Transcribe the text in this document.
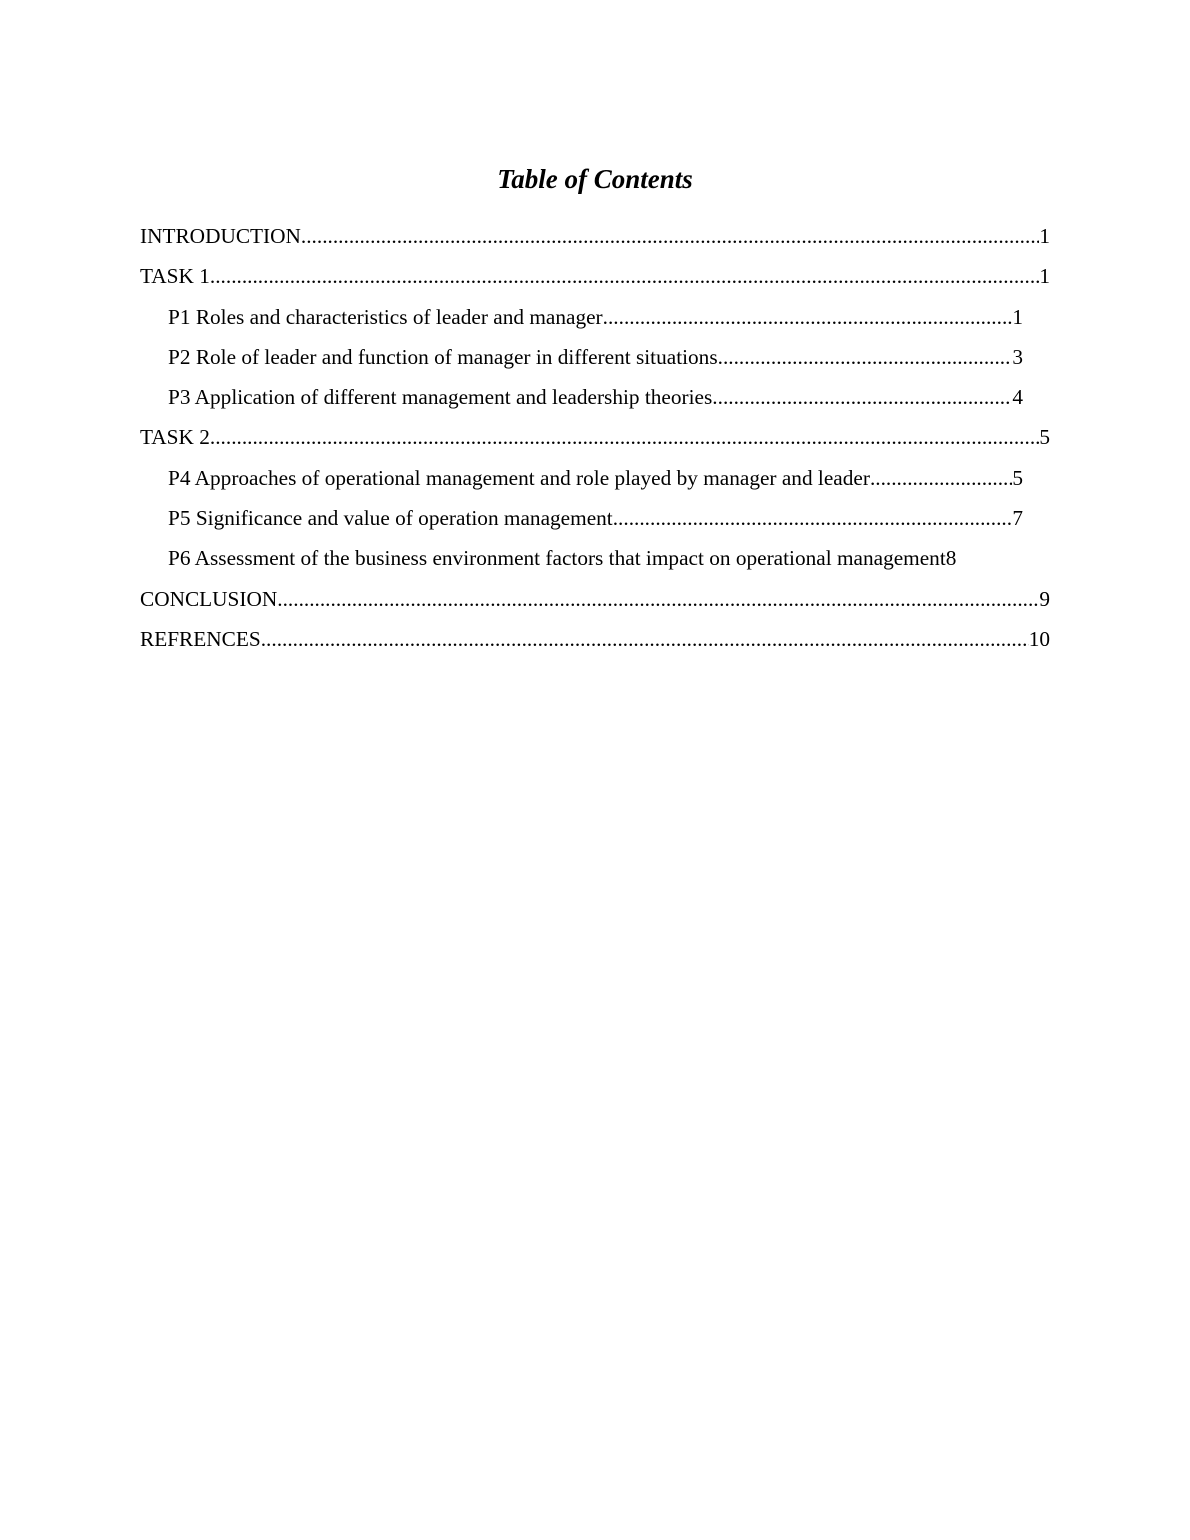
Table of Contents
INTRODUCTION .....	1
TASK 1 .....	1
P1 Roles and characteristics of leader and manager .....	1
P2 Role of leader and function of manager in different situations .....	3
P3 Application of different management and leadership theories .....	4
TASK 2 .....	5
P4 Approaches of operational management and role played by manager and leader .....	5
P5 Significance and value of operation management .....	7
P6 Assessment of the business environment factors that impact on operational management 8
CONCLUSION .....	9
REFRENCES .....	10
